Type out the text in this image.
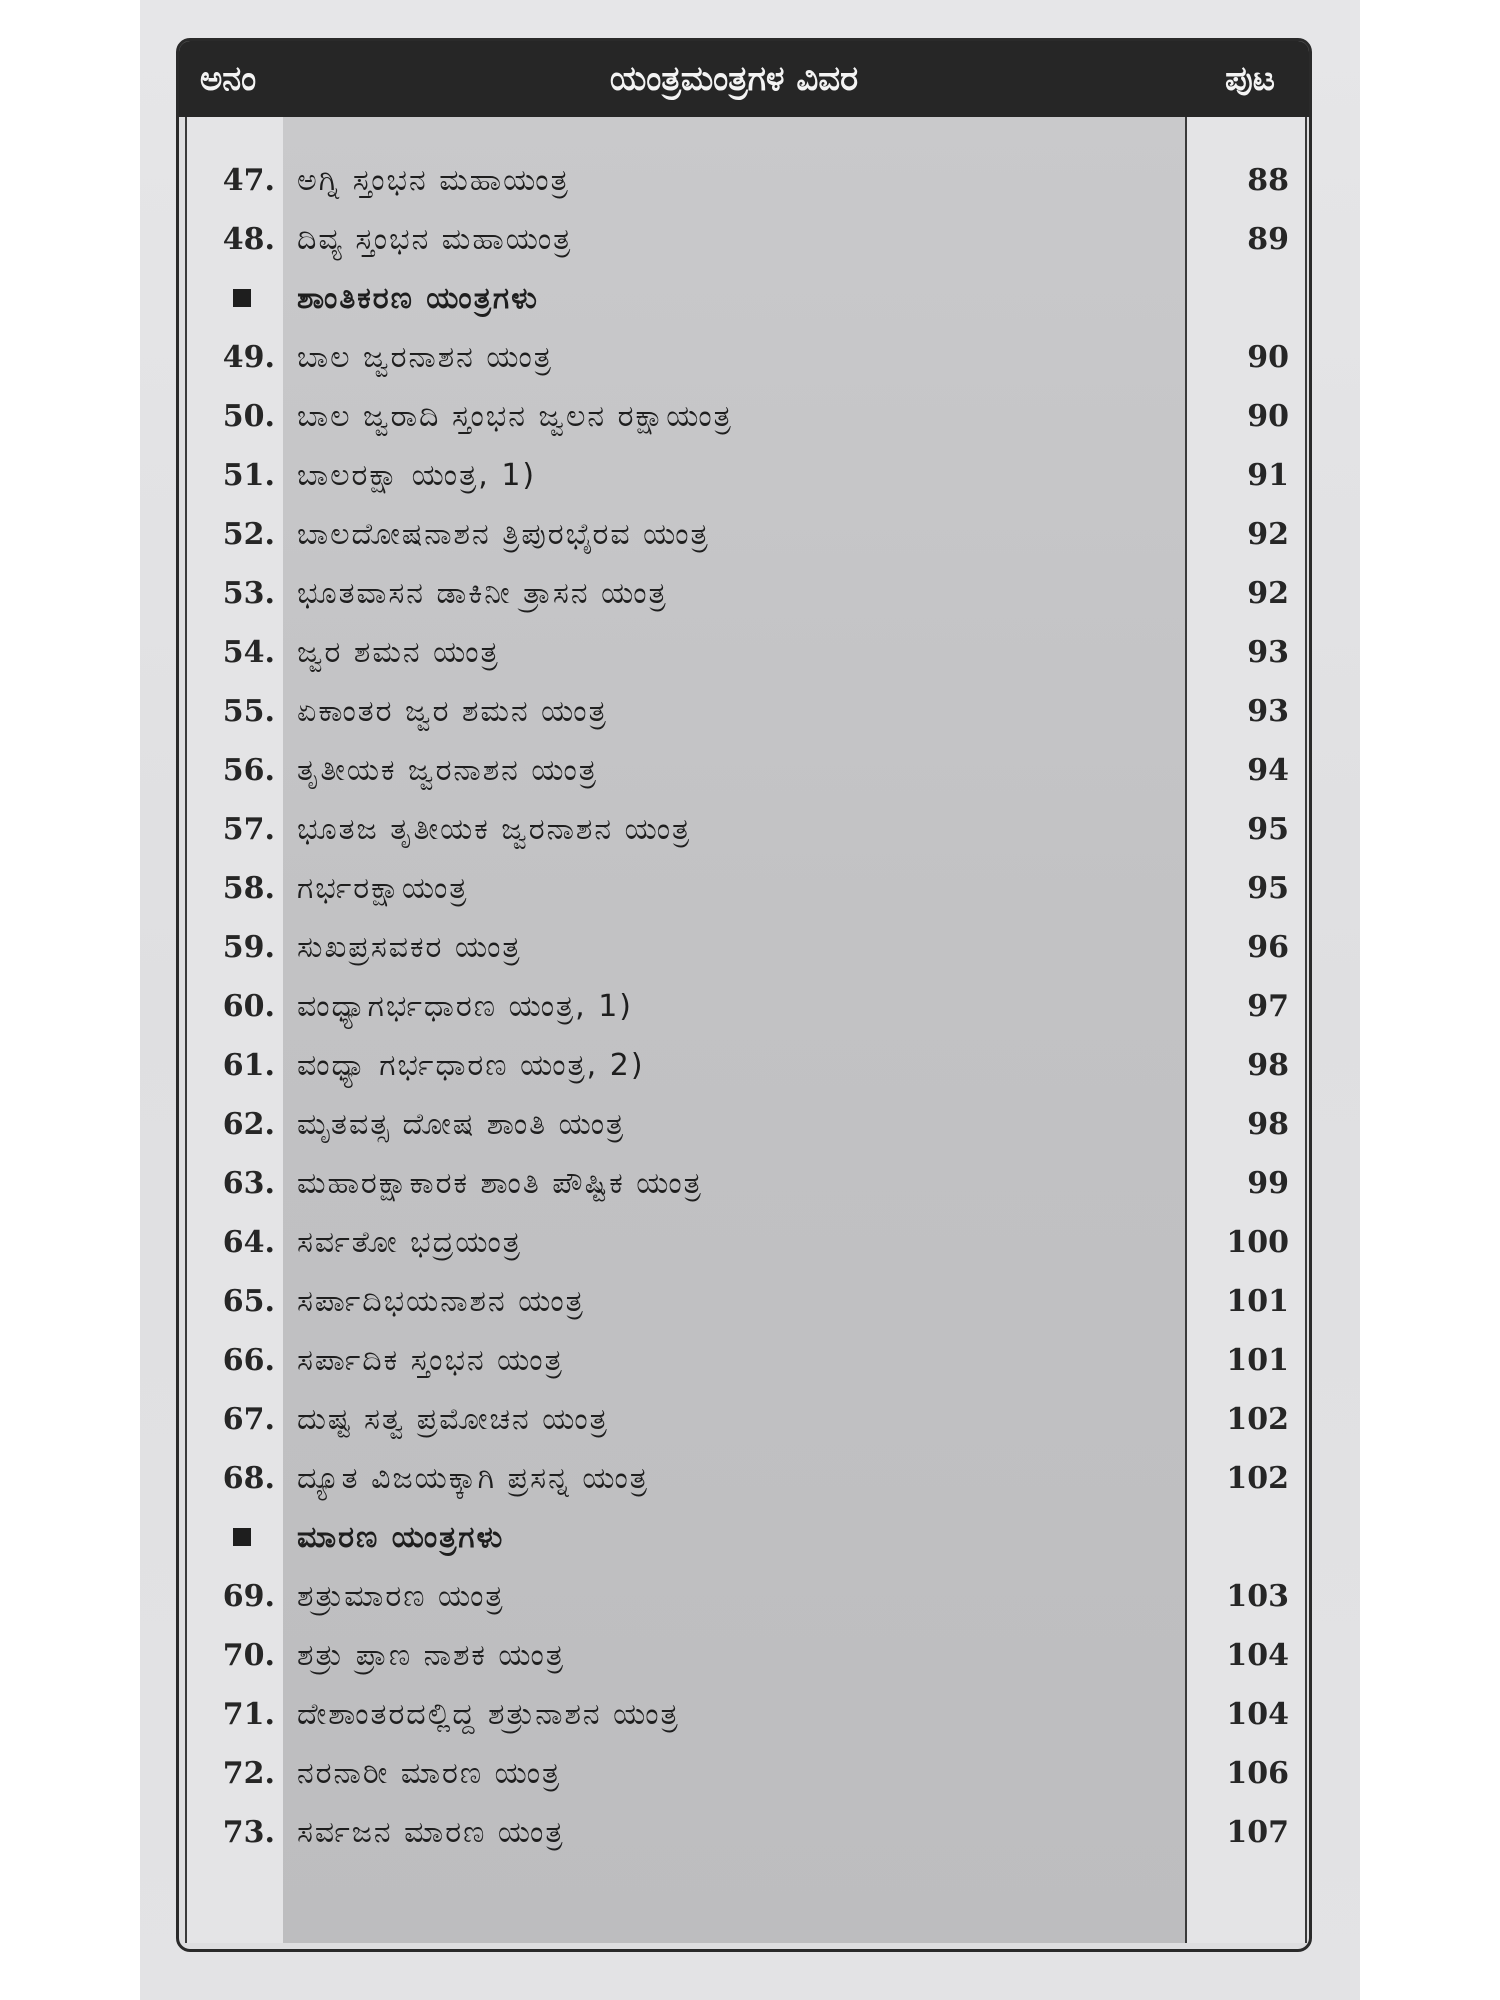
ಅನಂ	ಯಂತ್ರಮಂತ್ರಗಳ ವಿವರ	ಪುಟ
47. ಅಗ್ನಿ ಸ್ತಂಭನ ಮಹಾಯಂತ್ರ	88
48. ದಿವ್ಯ ಸ್ತಂಭನ ಮಹಾಯಂತ್ರ	89
ಶಾಂತಿಕರಣ ಯಂತ್ರಗಳು
49. ಬಾಲ ಜ್ವರನಾಶನ ಯಂತ್ರ	90
50. ಬಾಲ ಜ್ವರಾದಿ ಸ್ತಂಭನ ಜ್ವಲನ ರಕ್ಷಾಯಂತ್ರ	90
51. ಬಾಲರಕ್ಷಾ ಯಂತ್ರ, 1)	91
52. ಬಾಲದೋಷನಾಶನ ತ್ರಿಪುರಭೈರವ ಯಂತ್ರ	92
53. ಭೂತವಾಸನ ಡಾಕಿನೀ ತ್ರಾಸನ ಯಂತ್ರ	92
54. ಜ್ವರ ಶಮನ ಯಂತ್ರ	93
55. ಏಕಾಂತರ ಜ್ವರ ಶಮನ ಯಂತ್ರ	93
56. ತೃತೀಯಕ ಜ್ವರನಾಶನ ಯಂತ್ರ	94
57. ಭೂತಜ ತೃತೀಯಕ ಜ್ವರನಾಶನ ಯಂತ್ರ	95
58. ಗರ್ಭರಕ್ಷಾಯಂತ್ರ	95
59. ಸುಖಪ್ರಸವಕರ ಯಂತ್ರ	96
60. ವಂಧ್ಯಾಗರ್ಭಧಾರಣ ಯಂತ್ರ, 1)	97
61. ವಂಧ್ಯಾ ಗರ್ಭಧಾರಣ ಯಂತ್ರ, 2)	98
62. ಮೃತವತ್ಸ ದೋಷ ಶಾಂತಿ ಯಂತ್ರ	98
63. ಮಹಾರಕ್ಷಾಕಾರಕ ಶಾಂತಿ ಪೌಷ್ಟಿಕ ಯಂತ್ರ	99
64. ಸರ್ವತೋ ಭದ್ರಯಂತ್ರ	100
65. ಸರ್ಪಾದಿಭಯನಾಶನ ಯಂತ್ರ	101
66. ಸರ್ಪಾದಿಕ ಸ್ತಂಭನ ಯಂತ್ರ	101
67. ದುಷ್ಟ ಸತ್ವ ಪ್ರಮೋಚನ ಯಂತ್ರ	102
68. ದ್ಯೂತ ವಿಜಯಕ್ಕಾಗಿ ಪ್ರಸನ್ನ ಯಂತ್ರ	102
ಮಾರಣ ಯಂತ್ರಗಳು
69. ಶತ್ರುಮಾರಣ ಯಂತ್ರ	103
70. ಶತ್ರು ಪ್ರಾಣ ನಾಶಕ ಯಂತ್ರ	104
71. ದೇಶಾಂತರದಲ್ಲಿದ್ದ ಶತ್ರುನಾಶನ ಯಂತ್ರ	104
72. ನರನಾರೀ ಮಾರಣ ಯಂತ್ರ	106
73. ಸರ್ವಜನ ಮಾರಣ ಯಂತ್ರ	107
